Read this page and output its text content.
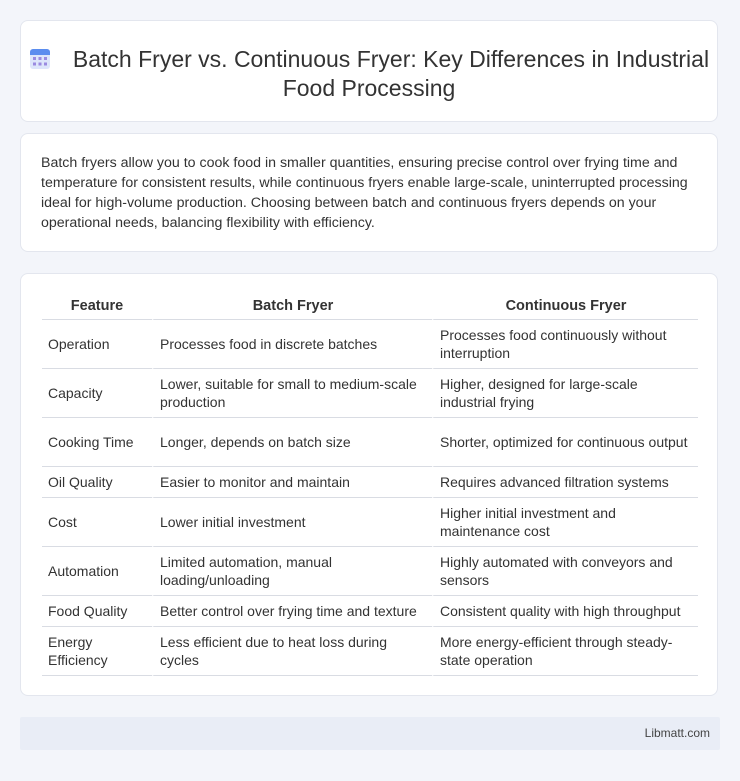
Batch Fryer vs. Continuous Fryer: Key Differences in Industrial Food Processing
Batch fryers allow you to cook food in smaller quantities, ensuring precise control over frying time and temperature for consistent results, while continuous fryers enable large-scale, uninterrupted processing ideal for high-volume production. Choosing between batch and continuous fryers depends on your operational needs, balancing flexibility with efficiency.
Feature	Batch Fryer	Continuous Fryer
Operation	Processes food in discrete batches	Processes food continuously without interruption
Capacity	Lower, suitable for small to medium-scale production	Higher, designed for large-scale industrial frying
Cooking Time	Longer, depends on batch size	Shorter, optimized for continuous output
Oil Quality	Easier to monitor and maintain	Requires advanced filtration systems
Cost	Lower initial investment	Higher initial investment and maintenance cost
Automation	Limited automation, manual loading/unloading	Highly automated with conveyors and sensors
Food Quality	Better control over frying time and texture	Consistent quality with high throughput
Energy Efficiency	Less efficient due to heat loss during cycles	More energy-efficient through steady-state operation
Libmatt.com
